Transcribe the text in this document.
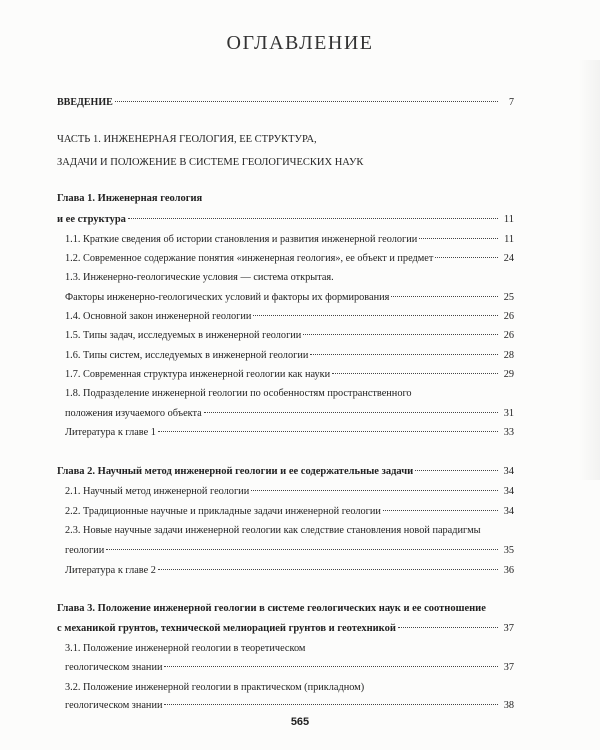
ОГЛАВЛЕНИЕ
ВВЕДЕНИЕ	7
ЧАСТЬ 1. ИНЖЕНЕРНАЯ ГЕОЛОГИЯ, ЕЕ СТРУКТУРА,
ЗАДАЧИ И ПОЛОЖЕНИЕ В СИСТЕМЕ ГЕОЛОГИЧЕСКИХ НАУК
Глава 1. Инженерная геология
и ее структура	11
1.1. Краткие сведения об истории становления и развития инженерной геологии	11
1.2. Современное содержание понятия «инженерная геология», ее объект и предмет	24
1.3. Инженерно-геологические условия — система открытая.
Факторы инженерно-геологических условий и факторы их формирования	25
1.4. Основной закон инженерной геологии	26
1.5. Типы задач, исследуемых в инженерной геологии	26
1.6. Типы систем, исследуемых в инженерной геологии	28
1.7. Современная структура инженерной геологии как науки	29
1.8. Подразделение инженерной геологии по особенностям пространственного
положения изучаемого объекта	31
Литература к главе 1	33
Глава 2. Научный метод инженерной геологии и ее содержательные задачи	34
2.1. Научный метод инженерной геологии	34
2.2. Традиционные научные и прикладные задачи инженерной геологии	34
2.3. Новые научные задачи инженерной геологии как следствие становления новой парадигмы
геологии	35
Литература к главе 2	36
Глава 3. Положение инженерной геологии в системе геологических наук и ее соотношение
с механикой грунтов, технической мелиорацией грунтов и геотехникой	37
3.1. Положение инженерной геологии в теоретическом
геологическом знании	37
3.2. Положение инженерной геологии в практическом (прикладном)
геологическом знании	38
565
